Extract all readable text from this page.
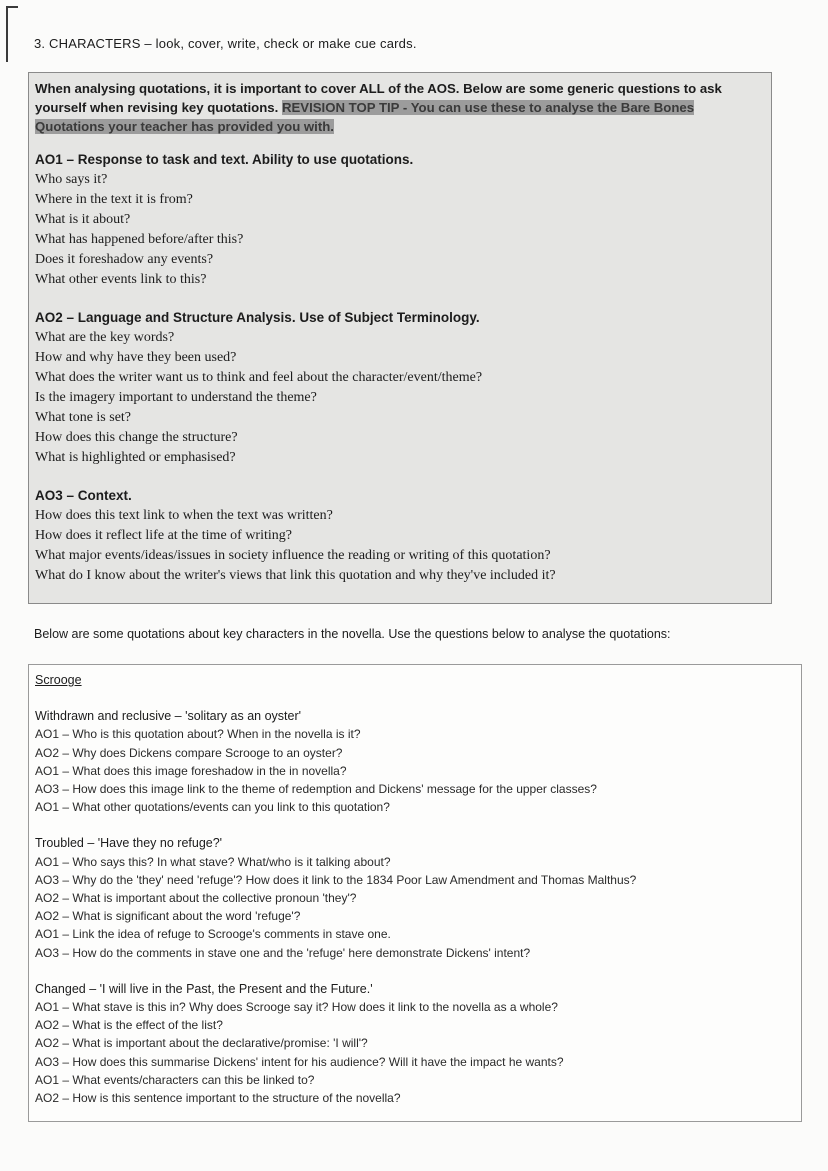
3. CHARACTERS – look, cover, write, check or make cue cards.
When analysing quotations, it is important to cover ALL of the AOS. Below are some generic questions to ask yourself when revising key quotations. REVISION TOP TIP - You can use these to analyse the Bare Bones Quotations your teacher has provided you with.
AO1 – Response to task and text. Ability to use quotations.
Who says it?
Where in the text it is from?
What is it about?
What has happened before/after this?
Does it foreshadow any events?
What other events link to this?
AO2 – Language and Structure Analysis. Use of Subject Terminology.
What are the key words?
How and why have they been used?
What does the writer want us to think and feel about the character/event/theme?
Is the imagery important to understand the theme?
What tone is set?
How does this change the structure?
What is highlighted or emphasised?
AO3 – Context.
How does this text link to when the text was written?
How does it reflect life at the time of writing?
What major events/ideas/issues in society influence the reading or writing of this quotation?
What do I know about the writer's views that link this quotation and why they've included it?
Below are some quotations about key characters in the novella. Use the questions below to analyse the quotations:
Scrooge
Withdrawn and reclusive – 'solitary as an oyster'
AO1 – Who is this quotation about? When in the novella is it?
AO2 – Why does Dickens compare Scrooge to an oyster?
AO1 – What does this image foreshadow in the in novella?
AO3 – How does this image link to the theme of redemption and Dickens' message for the upper classes?
AO1 – What other quotations/events can you link to this quotation?
Troubled – 'Have they no refuge?'
AO1 – Who says this? In what stave? What/who is it talking about?
AO3 – Why do the 'they' need 'refuge'? How does it link to the 1834 Poor Law Amendment and Thomas Malthus?
AO2 – What is important about the collective pronoun 'they'?
AO2 – What is significant about the word 'refuge'?
AO1 – Link the idea of refuge to Scrooge's comments in stave one.
AO3 – How do the comments in stave one and the 'refuge' here demonstrate Dickens' intent?
Changed – 'I will live in the Past, the Present and the Future.'
AO1 – What stave is this in? Why does Scrooge say it? How does it link to the novella as a whole?
AO2 – What is the effect of the list?
AO2 – What is important about the declarative/promise: 'I will'?
AO3 – How does this summarise Dickens' intent for his audience? Will it have the impact he wants?
AO1 – What events/characters can this be linked to?
AO2 – How is this sentence important to the structure of the novella?
